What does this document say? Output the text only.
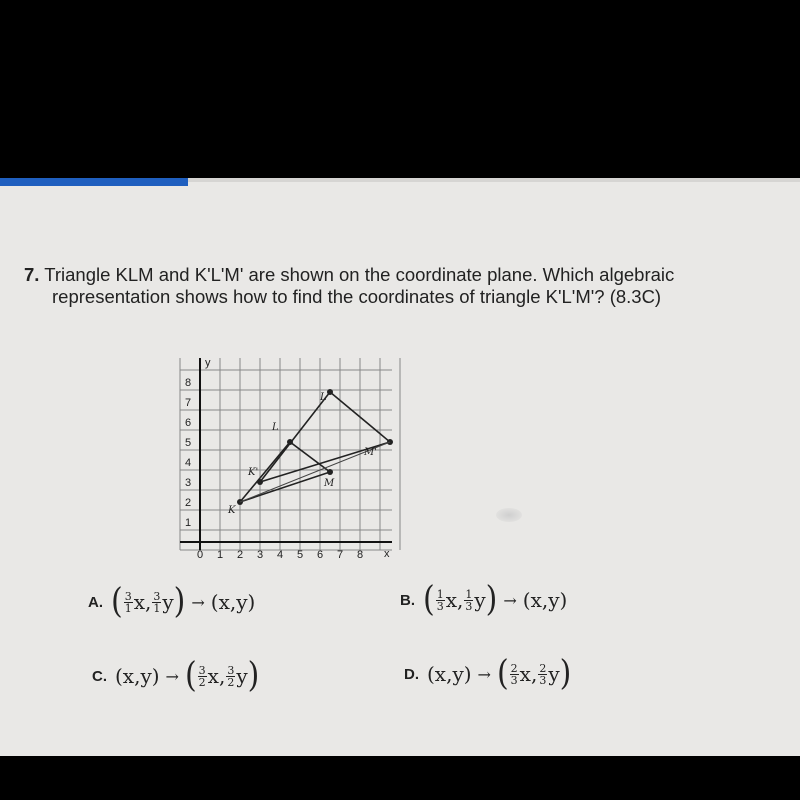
7. Triangle KLM and K'L'M' are shown on the coordinate plane. Which algebraic
representation shows how to find the coordinates of triangle K'L'M'? (8.3C)
x
y
0 1 2 3 4 5 6 7 8
1
2
3
4
5
6
7
8
K
L
M
K'
L'
M'
A. ( $\frac{3}{1} x$, $\frac{3}{1}$ y ) → (x,y)	B. ( $\frac{1}{3} x$, $\frac{1}{3}$ y ) → (x,y)
C. (x,y) → ( $\frac{3}{2} x$, $\frac{3}{2}$ y )	D. (x,y) → ( $\frac{2}{3} x$, $\frac{2}{3}$ y )
